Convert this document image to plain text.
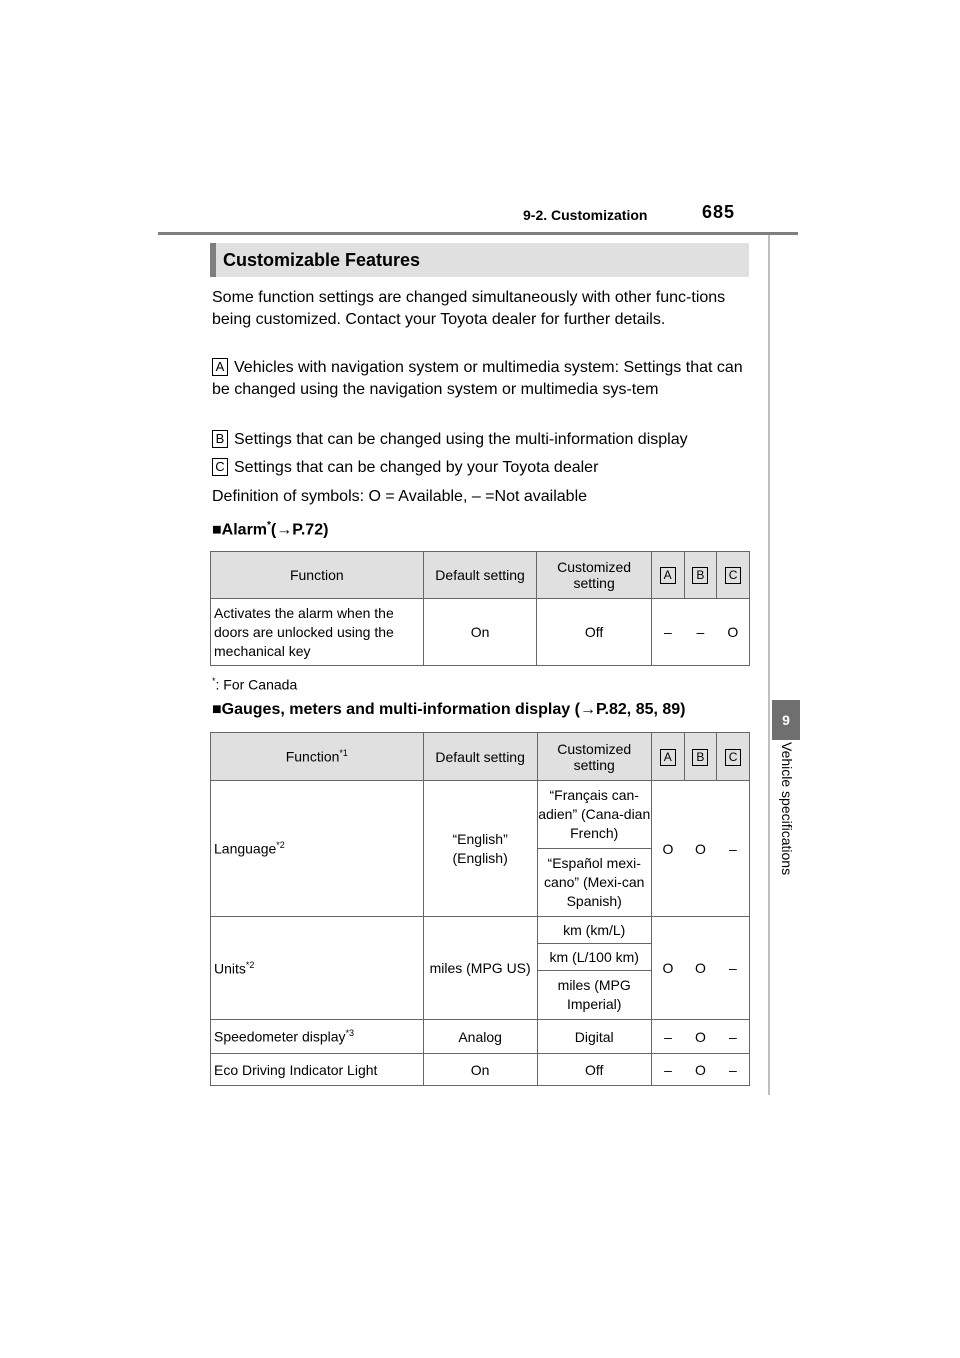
9-2. Customization	685
9
Vehicle specifications
Customizable Features
Some function settings are changed simultaneously with other func-tions being customized. Contact your Toyota dealer for further details.
A Vehicles with navigation system or multimedia system: Settings that can be changed using the navigation system or multimedia sys-tem
B Settings that can be changed using the multi-information display
C Settings that can be changed by your Toyota dealer
Definition of symbols: O = Available, – =Not available
■Alarm*(→P.72)
Function	Default setting	Customized setting	A	B	C
Activates the alarm when the doors are unlocked using the mechanical key	On	Off	–	–	O
*: For Canada
■Gauges, meters and multi-information display (→P.82, 85, 89)
Function$^{*1}$	Default setting	Customized setting	A	B	C
Language$^{*2}$	“English” (English)	“Français can-adien” (Cana-dian French)	O	O	–
		“Español mexi-cano” (Mexi-can Spanish)			
Units$^{*2}$	miles (MPG US)	km (km/L)	O	O	–
		km (L/100 km)			
		miles (MPG Imperial)			
Speedometer display$^{*3}$	Analog	Digital	–	O	–
Eco Driving Indicator Light	On	Off	–	O	–
